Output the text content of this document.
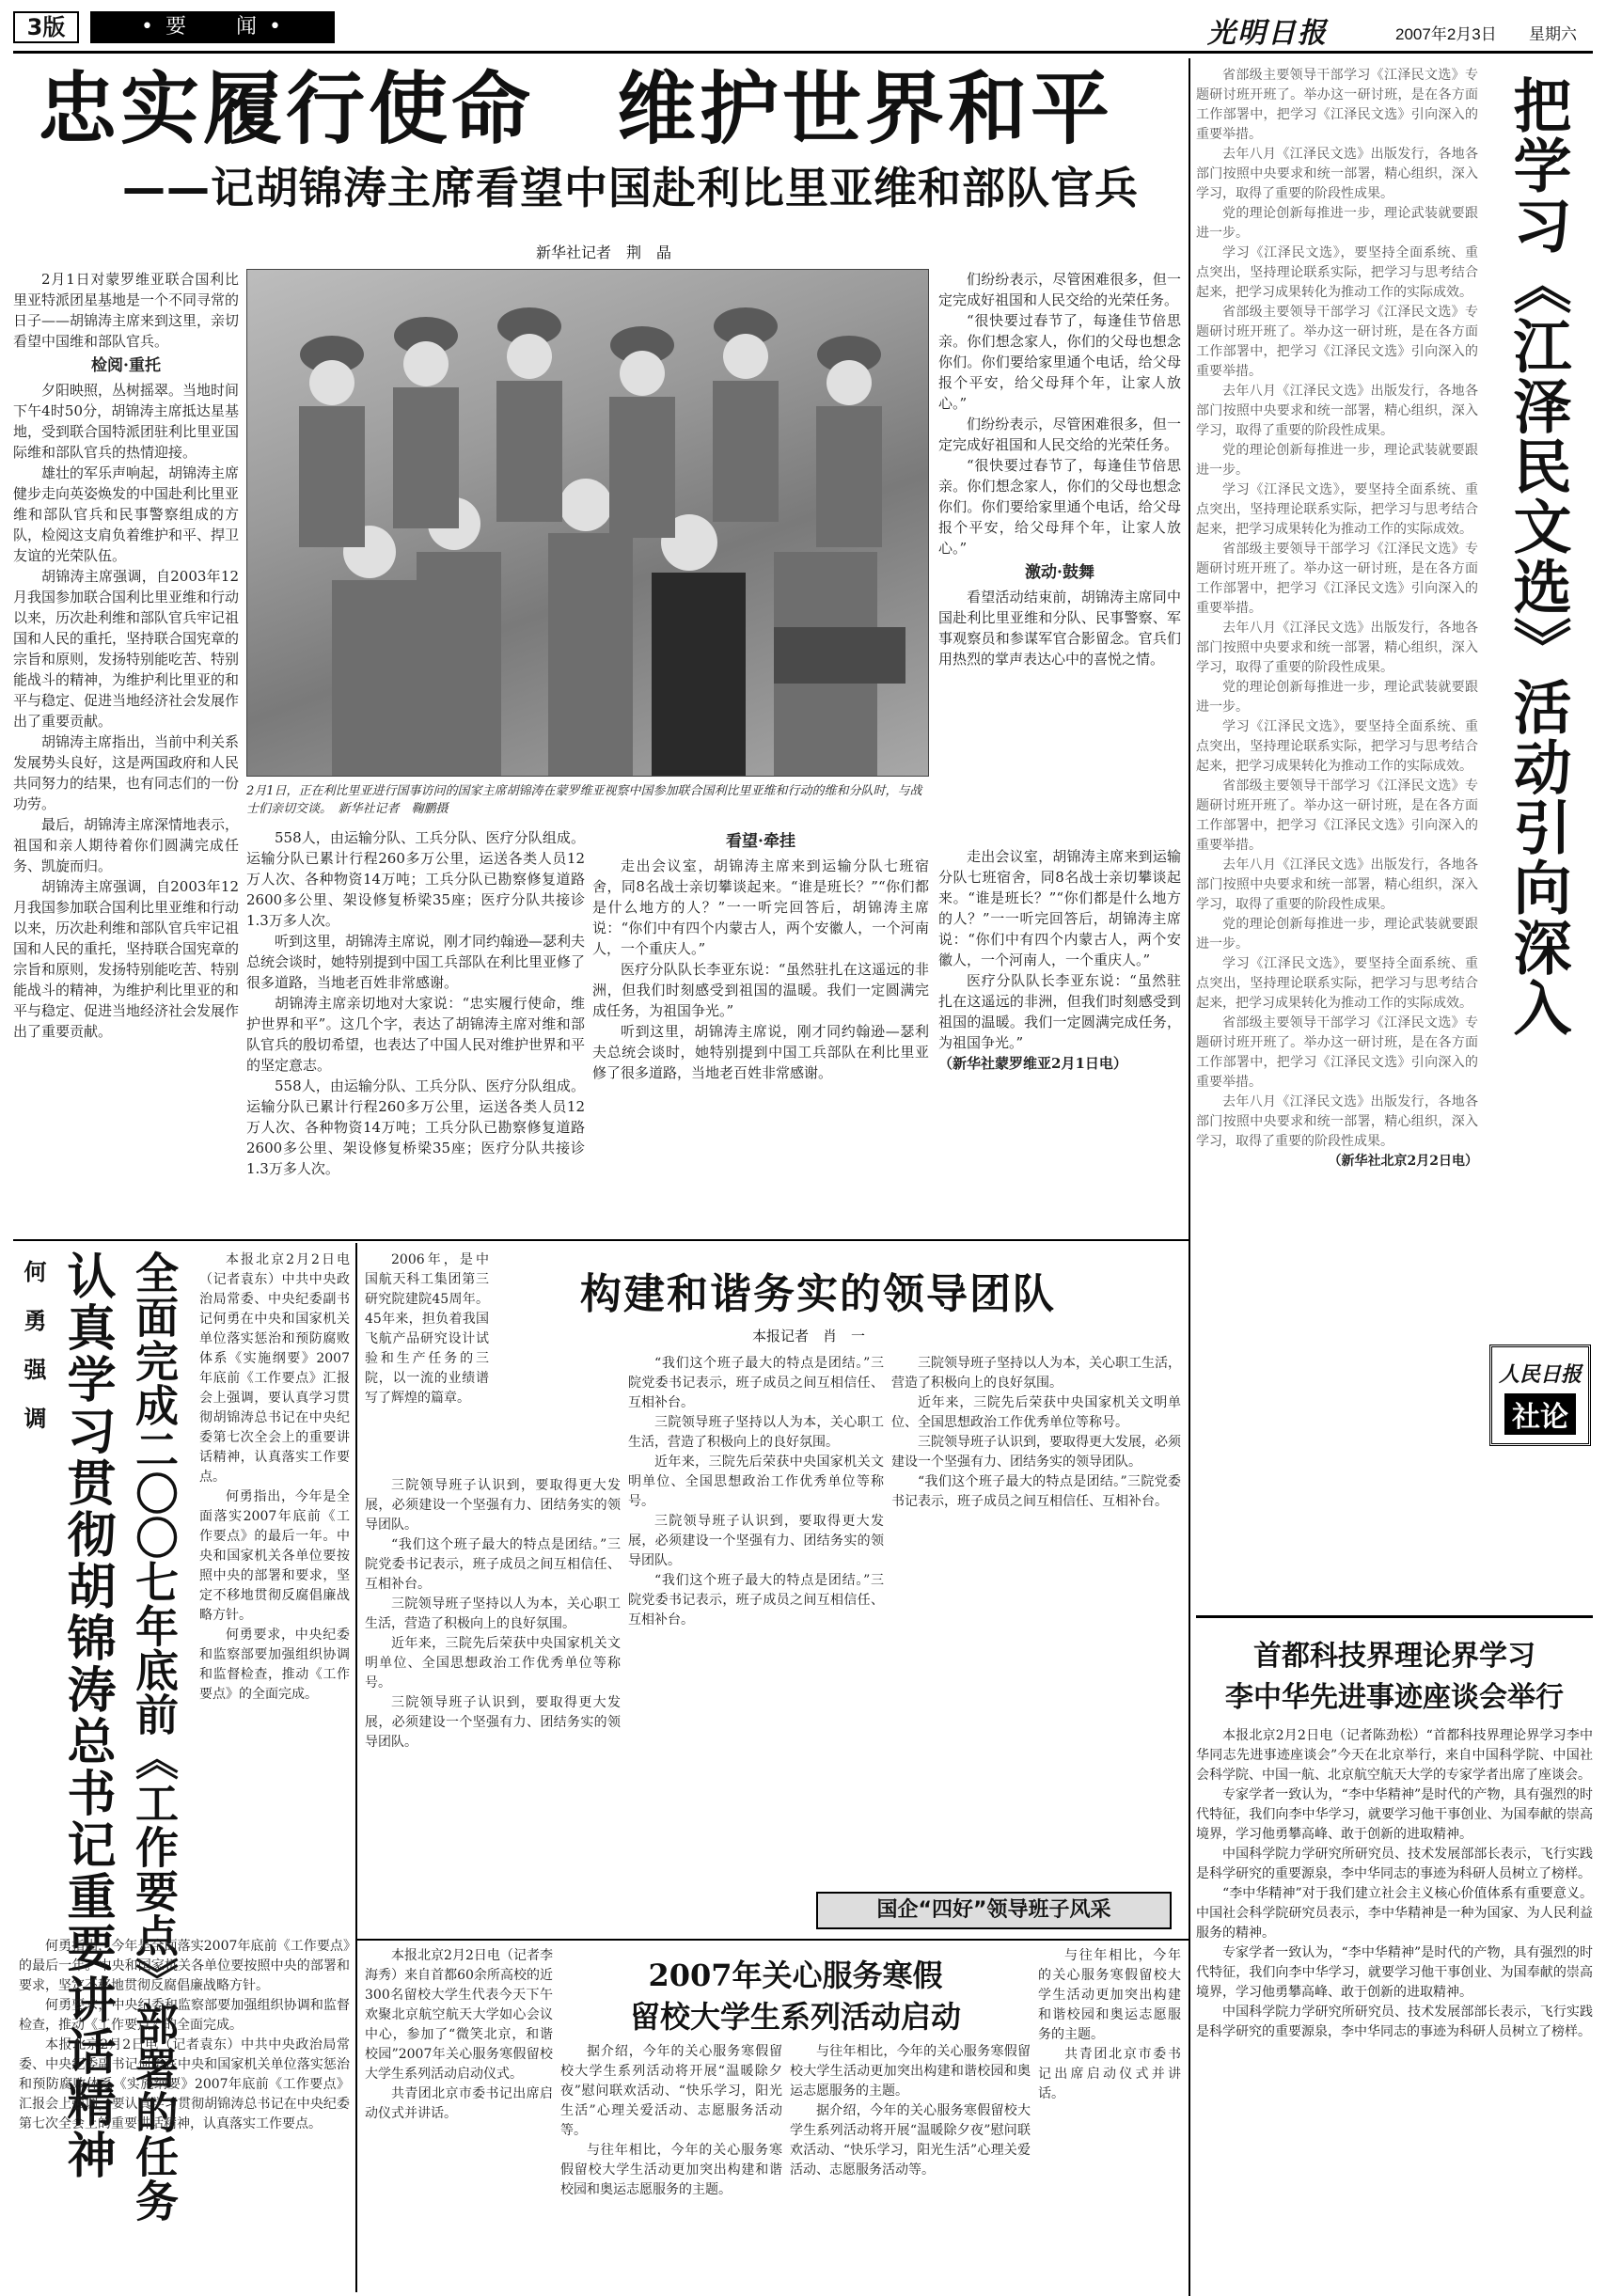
3版	• 要　　闻 •	光明日报	2007年2月3日 星期六
忠实履行使命　维护世界和平
——记胡锦涛主席看望中国赴利比里亚维和部队官兵
新华社记者　荆　晶

2月1日对蒙罗维亚联合国利比里亚特派团星基地是一个不同寻常的日子——胡锦涛主席来到这里，亲切看望中国维和部队官兵。

检阅·重托

夕阳映照，丛树摇翠。当地时间下午4时50分，胡锦涛主席抵达星基地，受到联合国特派团驻利比里亚国际维和部队官兵的热情迎接。

雄壮的军乐声响起，胡锦涛主席健步走向英姿焕发的中国赴利比里亚维和部队官兵和民事警察组成的方队，检阅这支肩负着维护和平、捍卫友谊的光荣队伍。

胡锦涛主席强调，自2003年12月我国参加联合国利比里亚维和行动以来，历次赴利维和部队官兵牢记祖国和人民的重托，坚持联合国宪章的宗旨和原则，发扬特别能吃苦、特别能战斗的精神，为维护利比里亚的和平与稳定、促进当地经济社会发展作出了重要贡献。

胡锦涛主席指出，当前中利关系发展势头良好，这是两国政府和人民共同努力的结果，也有同志们的一份功劳。

最后，胡锦涛主席深情地表示，祖国和亲人期待着你们圆满完成任务、凯旋而归。

胡锦涛主席强调，自2003年12月我国参加联合国利比里亚维和行动以来，历次赴利维和部队官兵牢记祖国和人民的重托，坚持联合国宪章的宗旨和原则，发扬特别能吃苦、特别能战斗的精神，为维护利比里亚的和平与稳定、促进当地经济社会发展作出了重要贡献。

2月1日，正在利比里亚进行国事访问的国家主席胡锦涛在蒙罗维亚视察中国参加联合国利比里亚维和行动的维和分队时，与战士们亲切交谈。　新华社记者　鞠鹏摄

们纷纷表示，尽管困难很多，但一定完成好祖国和人民交给的光荣任务。

“很快要过春节了，每逢佳节倍思亲。你们想念家人，你们的父母也想念你们。你们要给家里通个电话，给父母报个平安，给父母拜个年，让家人放心。”

们纷纷表示，尽管困难很多，但一定完成好祖国和人民交给的光荣任务。

“很快要过春节了，每逢佳节倍思亲。你们想念家人，你们的父母也想念你们。你们要给家里通个电话，给父母报个平安，给父母拜个年，让家人放心。”

激动·鼓舞

看望活动结束前，胡锦涛主席同中国赴利比里亚维和分队、民事警察、军事观察员和参谋军官合影留念。官兵们用热烈的掌声表达心中的喜悦之情。

558人，由运输分队、工兵分队、医疗分队组成。运输分队已累计行程260多万公里，运送各类人员12万人次、各种物资14万吨；工兵分队已勘察修复道路2600多公里、架设修复桥梁35座；医疗分队共接诊1.3万多人次。

听到这里，胡锦涛主席说，刚才同约翰逊—瑟利夫总统会谈时，她特别提到中国工兵部队在利比里亚修了很多道路，当地老百姓非常感谢。

胡锦涛主席亲切地对大家说：“忠实履行使命，维护世界和平”。这几个字，表达了胡锦涛主席对维和部队官兵的殷切希望，也表达了中国人民对维护世界和平的坚定意志。

558人，由运输分队、工兵分队、医疗分队组成。运输分队已累计行程260多万公里，运送各类人员12万人次、各种物资14万吨；工兵分队已勘察修复道路2600多公里、架设修复桥梁35座；医疗分队共接诊1.3万多人次。

看望·牵挂

走出会议室，胡锦涛主席来到运输分队七班宿舍，同8名战士亲切攀谈起来。“谁是班长？”“你们都是什么地方的人？”一一听完回答后，胡锦涛主席说：“你们中有四个内蒙古人，两个安徽人，一个河南人，一个重庆人。”

医疗分队队长李亚东说：“虽然驻扎在这遥远的非洲，但我们时刻感受到祖国的温暖。我们一定圆满完成任务，为祖国争光。”

听到这里，胡锦涛主席说，刚才同约翰逊—瑟利夫总统会谈时，她特别提到中国工兵部队在利比里亚修了很多道路，当地老百姓非常感谢。

走出会议室，胡锦涛主席来到运输分队七班宿舍，同8名战士亲切攀谈起来。“谁是班长？”“你们都是什么地方的人？”一一听完回答后，胡锦涛主席说：“你们中有四个内蒙古人，两个安徽人，一个河南人，一个重庆人。”

医疗分队队长李亚东说：“虽然驻扎在这遥远的非洲，但我们时刻感受到祖国的温暖。我们一定圆满完成任务，为祖国争光。”

（新华社蒙罗维亚2月1日电）

把学习《江泽民文选》活动引向深入

省部级主要领导干部学习《江泽民文选》专题研讨班开班了。举办这一研讨班，是在各方面工作部署中，把学习《江泽民文选》引向深入的重要举措。

去年八月《江泽民文选》出版发行，各地各部门按照中央要求和统一部署，精心组织，深入学习，取得了重要的阶段性成果。

党的理论创新每推进一步，理论武装就要跟进一步。

学习《江泽民文选》，要坚持全面系统、重点突出，坚持理论联系实际，把学习与思考结合起来，把学习成果转化为推动工作的实际成效。

省部级主要领导干部学习《江泽民文选》专题研讨班开班了。举办这一研讨班，是在各方面工作部署中，把学习《江泽民文选》引向深入的重要举措。

去年八月《江泽民文选》出版发行，各地各部门按照中央要求和统一部署，精心组织，深入学习，取得了重要的阶段性成果。

党的理论创新每推进一步，理论武装就要跟进一步。

学习《江泽民文选》，要坚持全面系统、重点突出，坚持理论联系实际，把学习与思考结合起来，把学习成果转化为推动工作的实际成效。

省部级主要领导干部学习《江泽民文选》专题研讨班开班了。举办这一研讨班，是在各方面工作部署中，把学习《江泽民文选》引向深入的重要举措。

去年八月《江泽民文选》出版发行，各地各部门按照中央要求和统一部署，精心组织，深入学习，取得了重要的阶段性成果。

党的理论创新每推进一步，理论武装就要跟进一步。

学习《江泽民文选》，要坚持全面系统、重点突出，坚持理论联系实际，把学习与思考结合起来，把学习成果转化为推动工作的实际成效。

省部级主要领导干部学习《江泽民文选》专题研讨班开班了。举办这一研讨班，是在各方面工作部署中，把学习《江泽民文选》引向深入的重要举措。

去年八月《江泽民文选》出版发行，各地各部门按照中央要求和统一部署，精心组织，深入学习，取得了重要的阶段性成果。

党的理论创新每推进一步，理论武装就要跟进一步。

学习《江泽民文选》，要坚持全面系统、重点突出，坚持理论联系实际，把学习与思考结合起来，把学习成果转化为推动工作的实际成效。

省部级主要领导干部学习《江泽民文选》专题研讨班开班了。举办这一研讨班，是在各方面工作部署中，把学习《江泽民文选》引向深入的重要举措。

去年八月《江泽民文选》出版发行，各地各部门按照中央要求和统一部署，精心组织，深入学习，取得了重要的阶段性成果。

（新华社北京2月2日电）

人民日报
社论
首都科技界理论界学习
李中华先进事迹座谈会举行

本报北京2月2日电（记者陈劲松）“首都科技界理论界学习李中华同志先进事迹座谈会”今天在北京举行，来自中国科学院、中国社会科学院、中国一航、北京航空航天大学的专家学者出席了座谈会。

专家学者一致认为，“李中华精神”是时代的产物，具有强烈的时代特征，我们向李中华学习，就要学习他干事创业、为国奉献的崇高境界，学习他勇攀高峰、敢于创新的进取精神。

中国科学院力学研究所研究员、技术发展部部长表示，飞行实践是科学研究的重要源泉，李中华同志的事迹为科研人员树立了榜样。

“李中华精神”对于我们建立社会主义核心价值体系有重要意义。中国社会科学院研究员表示，李中华精神是一种为国家、为人民利益服务的精神。

专家学者一致认为，“李中华精神”是时代的产物，具有强烈的时代特征，我们向李中华学习，就要学习他干事创业、为国奉献的崇高境界，学习他勇攀高峰、敢于创新的进取精神。

中国科学院力学研究所研究员、技术发展部部长表示，飞行实践是科学研究的重要源泉，李中华同志的事迹为科研人员树立了榜样。

何　勇　强　调 认真学习贯彻胡锦涛总书记重要讲话精神 全面完成二〇〇七年底前《工作要点》部署的任务	本报北京2月2日电（记者袁东）中共中央政治局常委、中央纪委副书记何勇在中央和国家机关单位落实惩治和预防腐败体系《实施纲要》2007年底前《工作要点》汇报会上强调，要认真学习贯彻胡锦涛总书记在中央纪委第七次全会上的重要讲话精神，认真落实工作要点。

何勇指出，今年是全面落实2007年底前《工作要点》的最后一年。中央和国家机关各单位要按照中央的部署和要求，坚定不移地贯彻反腐倡廉战略方针。

何勇要求，中央纪委和监察部要加强组织协调和监督检查，推动《工作要点》的全面完成。

何勇指出，今年是全面落实2007年底前《工作要点》的最后一年。中央和国家机关各单位要按照中央的部署和要求，坚定不移地贯彻反腐倡廉战略方针。

何勇要求，中央纪委和监察部要加强组织协调和监督检查，推动《工作要点》的全面完成。

本报北京2月2日电（记者袁东）中共中央政治局常委、中央纪委副书记何勇在中央和国家机关单位落实惩治和预防腐败体系《实施纲要》2007年底前《工作要点》汇报会上强调，要认真学习贯彻胡锦涛总书记在中央纪委第七次全会上的重要讲话精神，认真落实工作要点。

2006年，是中国航天科工集团第三研究院建院45周年。45年来，担负着我国飞航产品研究设计试验和生产任务的三院，以一流的业绩谱写了辉煌的篇章。

构建和谐务实的领导团队
本报记者　肖　一

三院领导班子认识到，要取得更大发展，必须建设一个坚强有力、团结务实的领导团队。

“我们这个班子最大的特点是团结。”三院党委书记表示，班子成员之间互相信任、互相补台。

三院领导班子坚持以人为本，关心职工生活，营造了积极向上的良好氛围。

近年来，三院先后荣获中央国家机关文明单位、全国思想政治工作优秀单位等称号。

三院领导班子认识到，要取得更大发展，必须建设一个坚强有力、团结务实的领导团队。

“我们这个班子最大的特点是团结。”三院党委书记表示，班子成员之间互相信任、互相补台。

三院领导班子坚持以人为本，关心职工生活，营造了积极向上的良好氛围。

近年来，三院先后荣获中央国家机关文明单位、全国思想政治工作优秀单位等称号。

三院领导班子认识到，要取得更大发展，必须建设一个坚强有力、团结务实的领导团队。

“我们这个班子最大的特点是团结。”三院党委书记表示，班子成员之间互相信任、互相补台。

三院领导班子坚持以人为本，关心职工生活，营造了积极向上的良好氛围。

近年来，三院先后荣获中央国家机关文明单位、全国思想政治工作优秀单位等称号。

三院领导班子认识到，要取得更大发展，必须建设一个坚强有力、团结务实的领导团队。

“我们这个班子最大的特点是团结。”三院党委书记表示，班子成员之间互相信任、互相补台。

国企“四好”领导班子风采

本报北京2月2日电（记者李海秀）来自首都60余所高校的近300名留校大学生代表今天下午欢聚北京航空航天大学如心会议中心，参加了“微笑北京，和谐校园”2007年关心服务寒假留校大学生系列活动启动仪式。

共青团北京市委书记出席启动仪式并讲话。

2007年关心服务寒假
留校大学生系列活动启动

据介绍，今年的关心服务寒假留校大学生系列活动将开展“温暖除夕夜”慰问联欢活动、“快乐学习，阳光生活”心理关爱活动、志愿服务活动等。

与往年相比，今年的关心服务寒假留校大学生活动更加突出构建和谐校园和奥运志愿服务的主题。

与往年相比，今年的关心服务寒假留校大学生活动更加突出构建和谐校园和奥运志愿服务的主题。

据介绍，今年的关心服务寒假留校大学生系列活动将开展“温暖除夕夜”慰问联欢活动、“快乐学习，阳光生活”心理关爱活动、志愿服务活动等。

与往年相比，今年的关心服务寒假留校大学生活动更加突出构建和谐校园和奥运志愿服务的主题。

共青团北京市委书记出席启动仪式并讲话。
